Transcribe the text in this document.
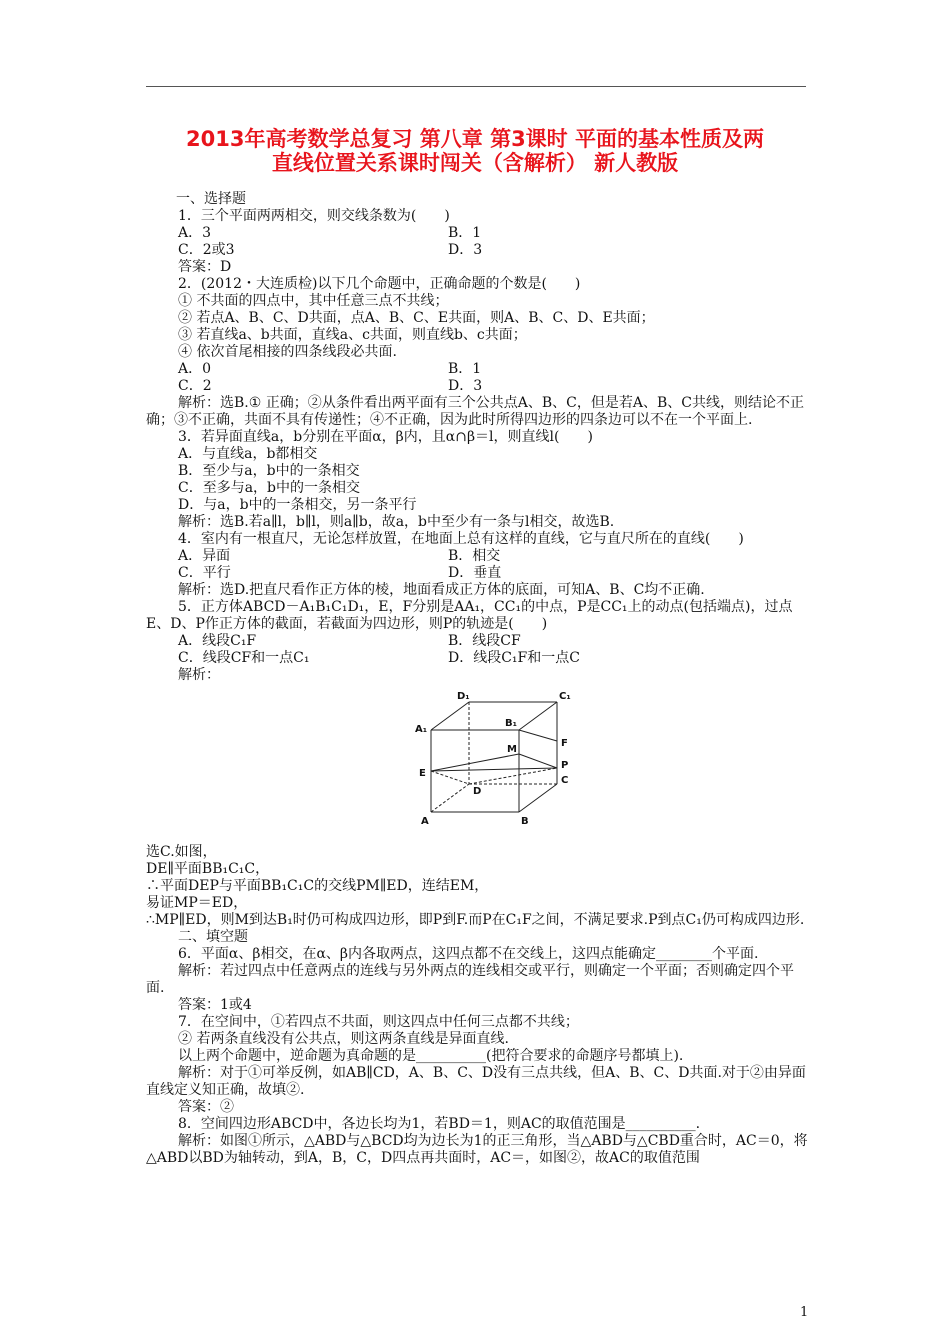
2013年高考数学总复习 第八章 第3课时 平面的基本性质及两
直线位置关系课时闯关（含解析） 新人教版
一、选择题
1．三个平面两两相交，则交线条数为(　　)
A．3	B．1
C．2或3	D．3
答案：D
2．(2012・大连质检)以下几个命题中，正确命题的个数是(　　)
① 不共面的四点中，其中任意三点不共线；
② 若点A、B、C、D共面，点A、B、C、E共面，则A、B、C、D、E共面；
③ 若直线a、b共面，直线a、c共面，则直线b、c共面；
④ 依次首尾相接的四条线段必共面.
A．0	B．1
C．2	D．3
解析：选B.① 正确；②从条件看出两平面有三个公共点A、B、C，但是若A、B、C共线，则结论不正确；③不正确，共面不具有传递性；④不正确，因为此时所得四边形的四条边可以不在一个平面上.
3．若异面直线a，b分别在平面α，β内，且α∩β＝l，则直线l(　　)
A．与直线a，b都相交
B．至少与a，b中的一条相交
C．至多与a，b中的一条相交
D．与a，b中的一条相交，另一条平行
解析：选B.若a∥l，b∥l，则a∥b，故a，b中至少有一条与l相交，故选B.
4．室内有一根直尺，无论怎样放置，在地面上总有这样的直线，它与直尺所在的直线(　　)
A．异面	B．相交
C．平行	D．垂直
解析：选D.把直尺看作正方体的棱，地面看成正方体的底面，可知A、B、C均不正确.
5．正方体ABCD－A₁B₁C₁D₁，E，F分别是AA₁，CC₁的中点，P是CC₁上的动点(包括端点)，过点E、D、P作正方体的截面，若截面为四边形，则P的轨迹是(　　)
A．线段C₁F	B．线段CF
C．线段CF和一点C₁	D．线段C₁F和一点C
解析：
D₁	C₁
A₁
B₁
F
M
E
P
C
D
A	B
选C.如图，
DE∥平面BB₁C₁C，
∴平面DEP与平面BB₁C₁C的交线PM∥ED，连结EM，
易证MP＝ED，
∴MP∥ED，则M到达B₁时仍可构成四边形，即P到F.而P在C₁F之间，不满足要求.P到点C₁仍可构成四边形.
二、填空题
6．平面α、β相交，在α、β内各取两点，这四点都不在交线上，这四点能确定________个平面.
解析：若过四点中任意两点的连线与另外两点的连线相交或平行，则确定一个平面；否则确定四个平面.
答案：1或4
7．在空间中，①若四点不共面，则这四点中任何三点都不共线；
② 若两条直线没有公共点，则这两条直线是异面直线.
以上两个命题中，逆命题为真命题的是__________(把符合要求的命题序号都填上).
解析：对于①可举反例，如AB∥CD，A、B、C、D没有三点共线，但A、B、C、D共面.对于②由异面直线定义知正确，故填②.
答案：②
8．空间四边形ABCD中，各边长均为1，若BD＝1，则AC的取值范围是__________.
解析：如图①所示，△ABD与△BCD均为边长为1的正三角形，当△ABD与△CBD重合时，AC＝0，将△ABD以BD为轴转动，到A，B，C，D四点再共面时，AC＝，如图②，故AC的取值范围
1
